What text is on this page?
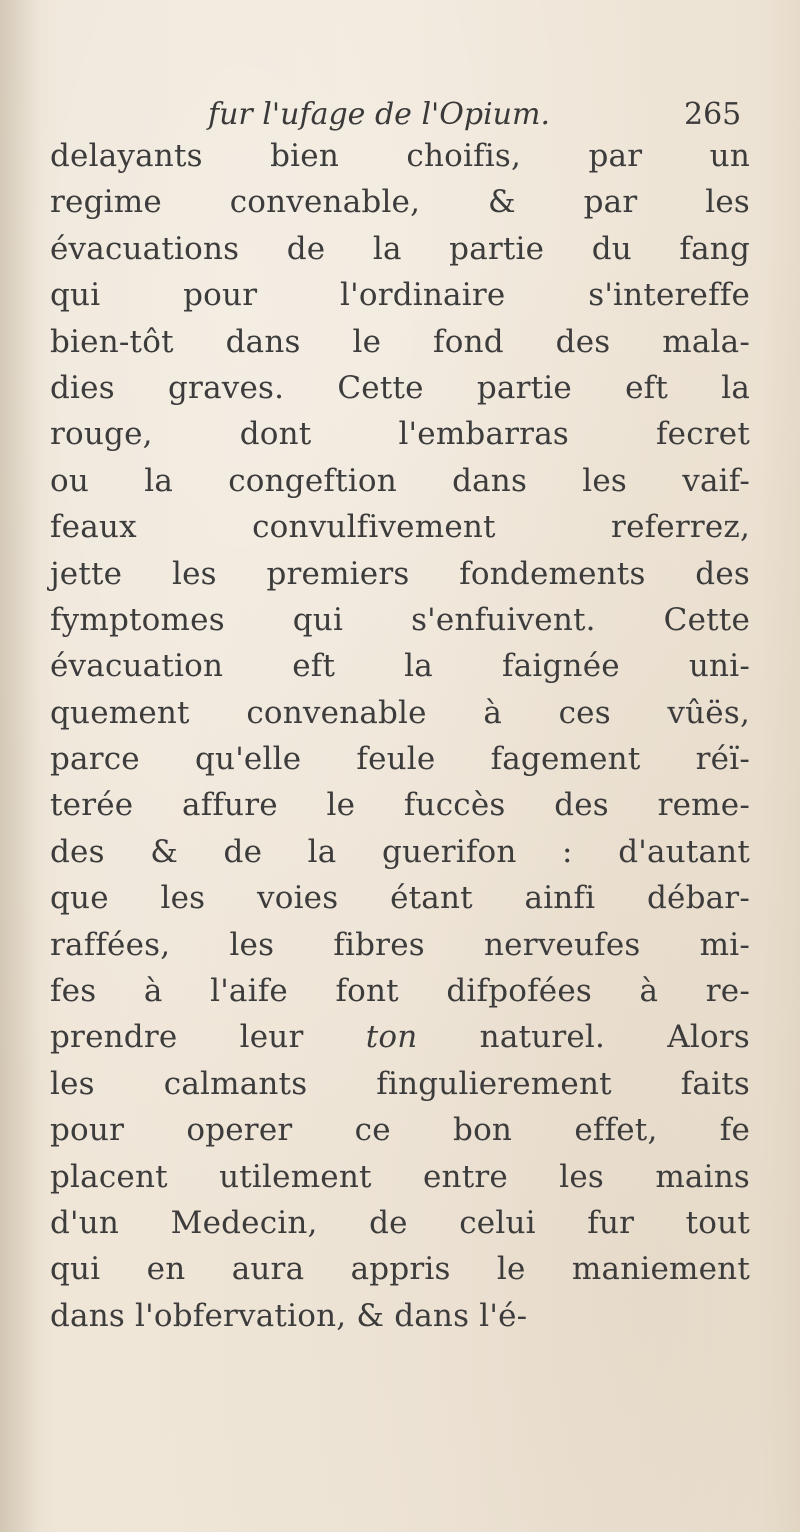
fur l'ufage de l'Opium.	265
delayants bien choifis, par un
regime convenable, & par les
évacuations de la partie du fang
qui pour l'ordinaire s'intereffe
bien-tôt dans le fond des mala-
dies graves. Cette partie eft la
rouge, dont l'embarras fecret
ou la congeftion dans les vaif-
feaux convulfivement referrez,
jette les premiers fondements des
fymptomes qui s'enfuivent. Cette
évacuation eft la faignée uni-
quement convenable à ces vûës,
parce qu'elle feule fagement réï-
terée affure le fuccès des reme-
des & de la guerifon : d'autant
que les voies étant ainfi débar-
raffées, les fibres nerveufes mi-
fes à l'aife font difpofées à re-
prendre leur ton naturel. Alors
les calmants fingulierement faits
pour operer ce bon effet, fe
placent utilement entre les mains
d'un Medecin, de celui fur tout
qui en aura appris le maniement
dans l'obfervation, & dans l'é-
